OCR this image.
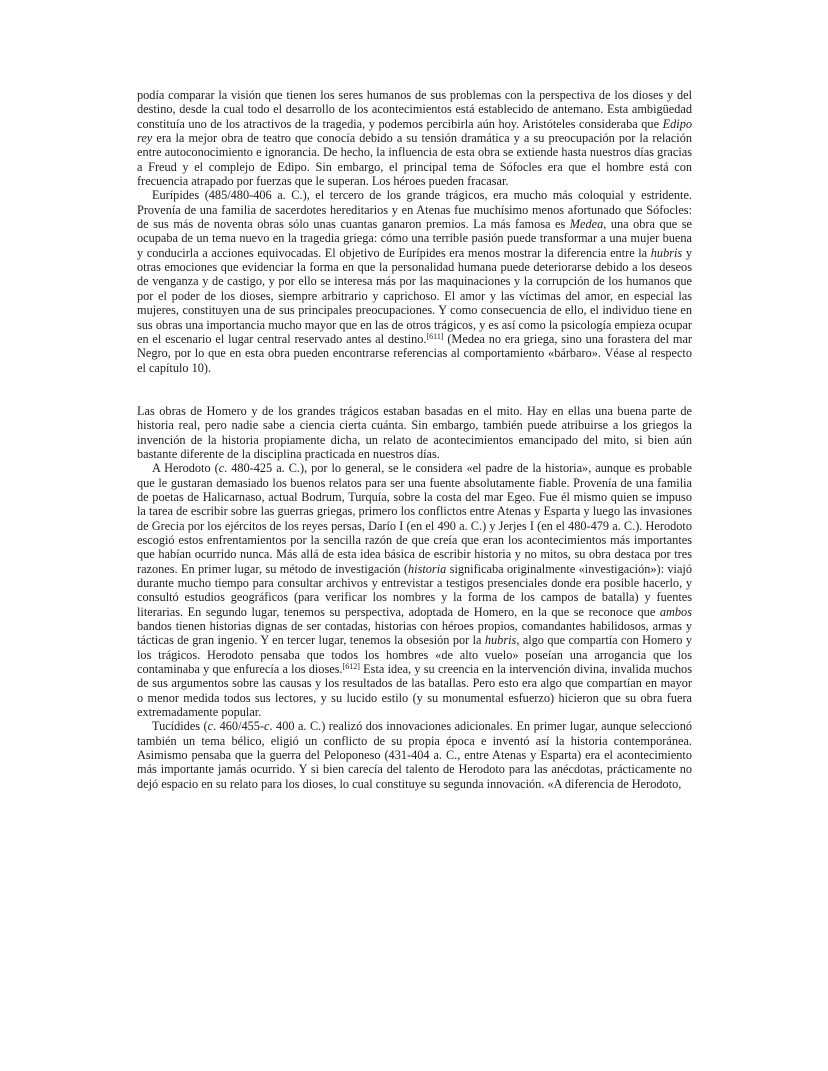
podía comparar la visión que tienen los seres humanos de sus problemas con la perspectiva de los dioses y del destino, desde la cual todo el desarrollo de los acontecimientos está establecido de antemano. Esta ambigüedad constituía uno de los atractivos de la tragedia, y podemos percibirla aún hoy. Aristóteles consideraba que Edipo rey era la mejor obra de teatro que conocía debido a su tensión dramática y a su preocupación por la relación entre autoconocimiento e ignorancia. De hecho, la influencia de esta obra se extiende hasta nuestros días gracias a Freud y el complejo de Edipo. Sin embargo, el principal tema de Sófocles era que el hombre está con frecuencia atrapado por fuerzas que le superan. Los héroes pueden fracasar.

Eurípides (485/480-406 a. C.), el tercero de los grande trágicos, era mucho más coloquial y estridente. Provenía de una familia de sacerdotes hereditarios y en Atenas fue muchísimo menos afortunado que Sófocles: de sus más de noventa obras sólo unas cuantas ganaron premios. La más famosa es Medea, una obra que se ocupaba de un tema nuevo en la tragedia griega: cómo una terrible pasión puede transformar a una mujer buena y conducirla a acciones equivocadas. El objetivo de Eurípides era menos mostrar la diferencia entre la hubris y otras emociones que evidenciar la forma en que la personalidad humana puede deteriorarse debido a los deseos de venganza y de castigo, y por ello se interesa más por las maquinaciones y la corrupción de los humanos que por el poder de los dioses, siempre arbitrario y caprichoso. El amor y las víctimas del amor, en especial las mujeres, constituyen una de sus principales preocupaciones. Y como consecuencia de ello, el individuo tiene en sus obras una importancia mucho mayor que en las de otros trágicos, y es así como la psicología empieza ocupar en el escenario el lugar central reservado antes al destino.[611] (Medea no era griega, sino una forastera del mar Negro, por lo que en esta obra pueden encontrarse referencias al comportamiento «bárbaro». Véase al respecto el capítulo 10).

Las obras de Homero y de los grandes trágicos estaban basadas en el mito. Hay en ellas una buena parte de historia real, pero nadie sabe a ciencia cierta cuánta. Sin embargo, también puede atribuirse a los griegos la invención de la historia propiamente dicha, un relato de acontecimientos emancipado del mito, si bien aún bastante diferente de la disciplina practicada en nuestros días.

A Herodoto (c. 480-425 a. C.), por lo general, se le considera «el padre de la historia», aunque es probable que le gustaran demasiado los buenos relatos para ser una fuente absolutamente fiable. Provenía de una familia de poetas de Halicarnaso, actual Bodrum, Turquía, sobre la costa del mar Egeo. Fue él mismo quien se impuso la tarea de escribir sobre las guerras griegas, primero los conflictos entre Atenas y Esparta y luego las invasiones de Grecia por los ejércitos de los reyes persas, Darío I (en el 490 a. C.) y Jerjes I (en el 480-479 a. C.). Herodoto escogió estos enfrentamientos por la sencilla razón de que creía que eran los acontecimientos más importantes que habían ocurrido nunca. Más allá de esta idea básica de escribir historia y no mitos, su obra destaca por tres razones. En primer lugar, su método de investigación (historia significaba originalmente «investigación»): viajó durante mucho tiempo para consultar archivos y entrevistar a testigos presenciales donde era posible hacerlo, y consultó estudios geográficos (para verificar los nombres y la forma de los campos de batalla) y fuentes literarias. En segundo lugar, tenemos su perspectiva, adoptada de Homero, en la que se reconoce que ambos bandos tienen historias dignas de ser contadas, historias con héroes propios, comandantes habilidosos, armas y tácticas de gran ingenio. Y en tercer lugar, tenemos la obsesión por la hubris, algo que compartía con Homero y los trágicos. Herodoto pensaba que todos los hombres «de alto vuelo» poseían una arrogancia que los contaminaba y que enfurecía a los dioses.[612] Esta idea, y su creencia en la intervención divina, invalida muchos de sus argumentos sobre las causas y los resultados de las batallas. Pero esto era algo que compartían en mayor o menor medida todos sus lectores, y su lucido estilo (y su monumental esfuerzo) hicieron que su obra fuera extremadamente popular.

Tucídides (c. 460/455-c. 400 a. C.) realizó dos innovaciones adicionales. En primer lugar, aunque seleccionó también un tema bélico, eligió un conflicto de su propia época e inventó así la historia contemporánea. Asimismo pensaba que la guerra del Peloponeso (431-404 a. C., entre Atenas y Esparta) era el acontecimiento más importante jamás ocurrido. Y si bien carecía del talento de Herodoto para las anécdotas, prácticamente no dejó espacio en su relato para los dioses, lo cual constituye su segunda innovación. «A diferencia de Herodoto,
